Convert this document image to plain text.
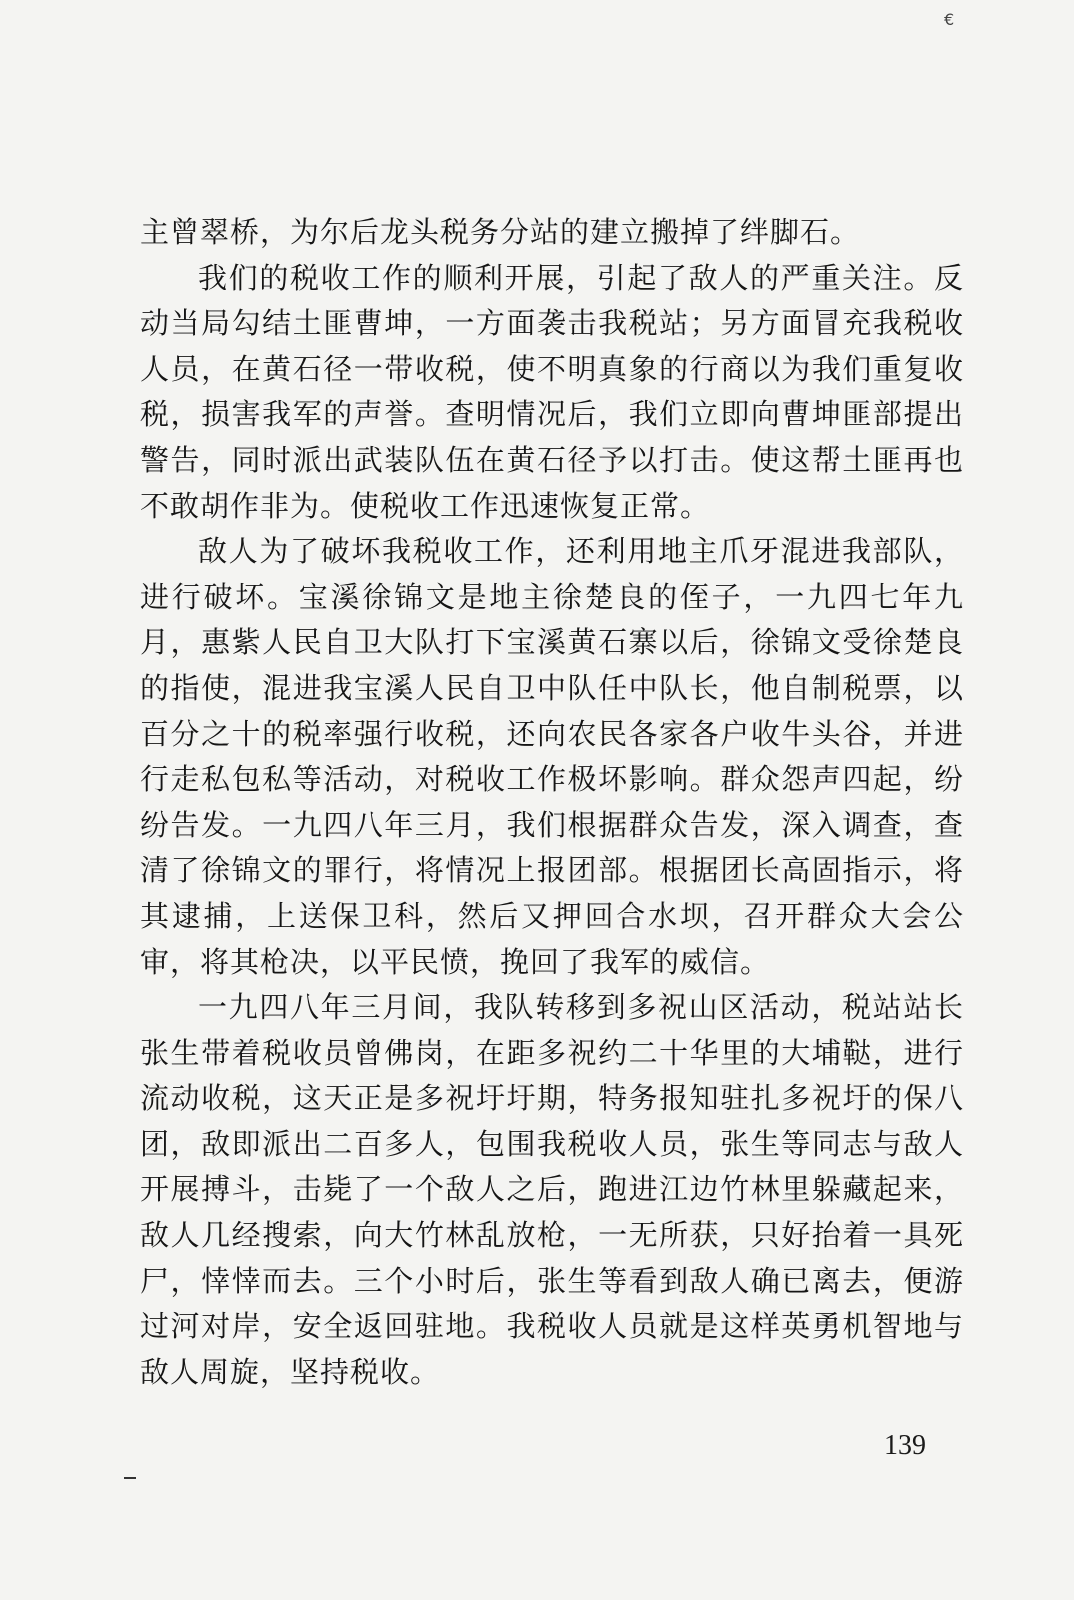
€

主曾翠桥，为尔后龙头税务分站的建立搬掉了绊脚石。

我们的税收工作的顺利开展，引起了敌人的严重关注。反动当局勾结土匪曹坤，一方面袭击我税站；另方面冒充我税收人员，在黄石径一带收税，使不明真象的行商以为我们重复收税，损害我军的声誉。查明情况后，我们立即向曹坤匪部提出警告，同时派出武装队伍在黄石径予以打击。使这帮土匪再也不敢胡作非为。使税收工作迅速恢复正常。

敌人为了破坏我税收工作，还利用地主爪牙混进我部队，进行破坏。宝溪徐锦文是地主徐楚良的侄子，一九四七年九月，惠紫人民自卫大队打下宝溪黄石寨以后，徐锦文受徐楚良的指使，混进我宝溪人民自卫中队任中队长，他自制税票，以百分之十的税率强行收税，还向农民各家各户收牛头谷，并进行走私包私等活动，对税收工作极坏影响。群众怨声四起，纷纷告发。一九四八年三月，我们根据群众告发，深入调查，查清了徐锦文的罪行，将情况上报团部。根据团长高固指示，将其逮捕，上送保卫科，然后又押回合水坝，召开群众大会公审，将其枪决，以平民愤，挽回了我军的威信。

一九四八年三月间，我队转移到多祝山区活动，税站站长张生带着税收员曾佛岗，在距多祝约二十华里的大埔鞑，进行流动收税，这天正是多祝圩圩期，特务报知驻扎多祝圩的保八团，敌即派出二百多人，包围我税收人员，张生等同志与敌人开展搏斗，击毙了一个敌人之后，跑进江边竹林里躲藏起来，敌人几经搜索，向大竹林乱放枪，一无所获，只好抬着一具死尸，悻悻而去。三个小时后，张生等看到敌人确已离去，便游过河对岸，安全返回驻地。我税收人员就是这样英勇机智地与敌人周旋，坚持税收。

139
